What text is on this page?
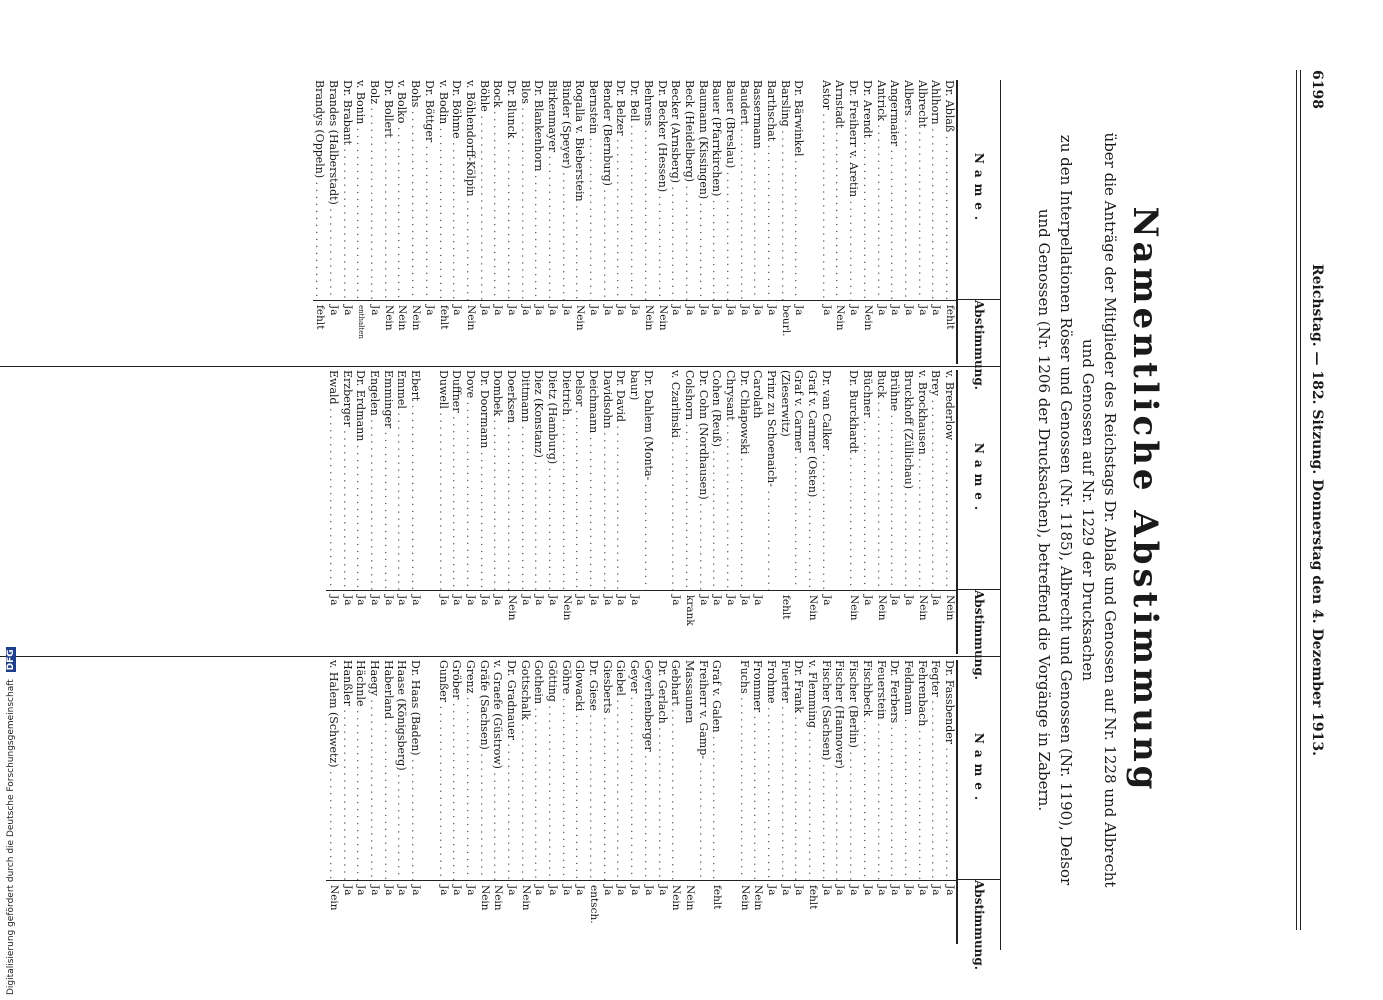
6198
Reichstag. — 182. Sitzung. Donnerstag den 4. Dezember 1913.
Namentliche Abstimmung
über die Anträge der Mitglieder des Reichstags Dr. Ablaß und Genossen auf Nr. 1228 und Albrecht
und Genossen auf Nr. 1229 der Drucksachen
zu den Interpellationen Röser und Genossen (Nr. 1185), Albrecht und Genossen (Nr. 1190), Delsor
und Genossen (Nr. 1206 der Drucksachen), betreffend die Vorgänge in Zabern.
Name.
Abstimmung.
Dr. Ablaß . . .
fehlt
Ahlhorn . . .
Ja
Albrecht . . .
Ja
Albers . . .
Ja
Angermaier . . .
Ja
Antrick . . .
Ja
Dr. Arendt . . .
Nein
Dr. Freiherr v. Aretin . . .
Ja
Arnstadt . . .
Nein
Astor . . .
Ja
Dr. Bärwinkel . . .
Ja
Barsling . . .
beurl.
Barthschat . . .
Ja
Bassermann . . .
Ja
Baudert . . .
Ja
Bauer (Breslau) . . .
Ja
Bauer (Pfarrkirchen) . . .
Ja
Baumann (Kissingen) . . .
Ja
Beck (Heidelberg) . . .
Ja
Becker (Arnsberg) . . .
Ja
Dr. Becker (Hessen) . . .
Nein
Behrens . . .
Nein
Dr. Bell . . .
Ja
Dr. Belzer . . .
Ja
Bender (Bernburg) . . .
Ja
Bernstein . . .
Ja
Rogalla v. Bieberstein . . .
Nein
Binder (Speyer) . . .
Ja
Birkenmayer . . .
Ja
Dr. Blankenhorn . . .
Ja
Blos . . .
Ja
Dr. Blunck . . .
Ja
Bock . . .
Ja
Böhle . . .
Ja
v. Böhlendorff-Kölpin . . .
Nein
Dr. Böhme . . .
Ja
v. Bodin . . .
fehlt
Dr. Böttger . . .
Ja
Bohs . . .
Nein
v. Bolko . . .
Nein
Dr. Bollert . . .
Nein
Bolz . . .
Ja
v. Bonin . . .
enthalten
Dr. Brabant . . .
Ja
Brandes (Halberstadt) . . .
Ja
Brandys (Oppeln) . . .
fehlt
Name.
Abstimmung.
v. Brederlow . . .
Nein
Brey . . .
Ja
v. Brockhausen . . .
Nein
Bruckhoff (Züllichau) . . .
Ja
Brühne . . .
Ja
Buck . . .
Nein
Büchner . . .
Ja
Dr. Burckhardt . . .
Nein
Dr. van Calker . . .
Ja
Graf v. Carmer (Osten) . . .
Nein
Graf v. Carmer . . .
(Zieserwitz)
fehlt
Prinz zu Schoenaich- . . .
Carolath
Ja
Dr. Chlapowski . . .
Ja
Chrysant . . .
Ja
Cohen (Reuß) . . .
Ja
Dr. Cohn (Nordhausen) . . .
Ja
Colshorn . . .
krank
v. Czarlinski . . .
Ja
Dr. Dahlem (Monta- . . .
baur)
Ja
Dr. David . . .
Ja
Davidsohn . . .
Ja
Deichmann . . .
Ja
Delsor . . .
Ja
Dietrich . . .
Nein
Dietz (Hamburg) . . .
Ja
Diez (Konstanz) . . .
Ja
Dittmann . . .
Ja
Doerksen . . .
Nein
Dombek . . .
Ja
Dr. Doormann . . .
Ja
Dove . . .
Ja
Duffner . . .
Ja
Duwell . . .
Ja
Ebert . . .
Ja
Emmel . . .
Ja
Emminger . . .
Ja
Engelen . . .
Ja
Dr. Erdmann . . .
Ja
Erzberger . . .
Ja
Ewald . . .
Ja
Name.
Abstimmung.
Dr. Fassbender . . .
Ja
Fegter . . .
Ja
Fehrenbach . . .
Ja
Feldmann . . .
Ja
Dr. Ferbers . . .
Ja
Feuerstein . . .
Ja
Fischbeck . . .
Ja
Fischer (Berlin) . . .
Ja
Fischer (Hannover) . . .
Ja
Fischer (Sachsen) . . .
Ja
v. Flemming . . .
fehlt
Dr. Frank . . .
Ja
Fuerter . . .
Ja
Frohme . . .
Ja
Frommer . . .
Nein
Fuchs . . .
Nein
Graf v. Galen . . .
fehlt
Freiherr v. Gamp- . . .
Massaunen
Nein
Gebhart . . .
Nein
Dr. Gerlach . . .
Ja
Geyerhenberger . . .
Ja
Geyer . . .
Ja
Giebel . . .
Ja
Giesberts . . .
Ja
Dr. Giese . . .
entsch.
Glowacki . . .
Ja
Göhre . . .
Ja
Götting . . .
Ja
Gothein . . .
Ja
Gottschalk . . .
Nein
Dr. Gradnauer . . .
Ja
v. Graefe (Güstrow) . . .
Nein
Gräfe (Sachsen) . . .
Nein
Grenz . . .
Ja
Gröber . . .
Ja
Gunßer . . .
Ja
Dr. Haas (Baden) . . .
Ja
Haase (Königsberg) . . .
Ja
Haberland . . .
Ja
Haegy . . .
Ja
Hächnle . . .
Ja
Hanßler . . .
Ja
v. Halem (Schwetz) . . .
Nein
Digitalisierung gefördert durch die Deutsche Forschungsgemeinschaft DFG
